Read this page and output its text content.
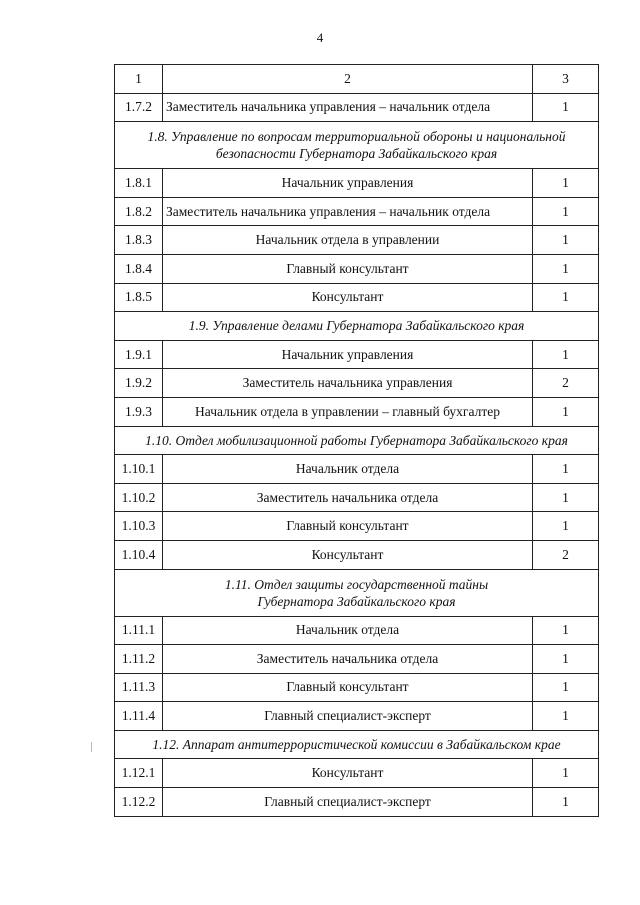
4
1	2	3
1.7.2	Заместитель начальника управления – начальник отдела	1
1.8. Управление по вопросам территориальной обороны и национальной
безопасности Губернатора Забайкальского края		
1.8.1	Начальник управления	1
1.8.2	Заместитель начальника управления – начальник отдела	1
1.8.3	Начальник отдела в управлении	1
1.8.4	Главный консультант	1
1.8.5	Консультант	1
1.9. Управление делами Губернатора Забайкальского края		
1.9.1	Начальник управления	1
1.9.2	Заместитель начальника управления	2
1.9.3	Начальник отдела в управлении – главный бухгалтер	1
1.10. Отдел мобилизационной работы Губернатора Забайкальского края		
1.10.1	Начальник отдела	1
1.10.2	Заместитель начальника отдела	1
1.10.3	Главный консультант	1
1.10.4	Консультант	2
1.11. Отдел защиты государственной тайны
Губернатора Забайкальского края		
1.11.1	Начальник отдела	1
1.11.2	Заместитель начальника отдела	1
1.11.3	Главный консультант	1
1.11.4	Главный специалист-эксперт	1
1.12. Аппарат антитеррористической комиссии в Забайкальском крае		
1.12.1	Консультант	1
1.12.2	Главный специалист-эксперт	1
